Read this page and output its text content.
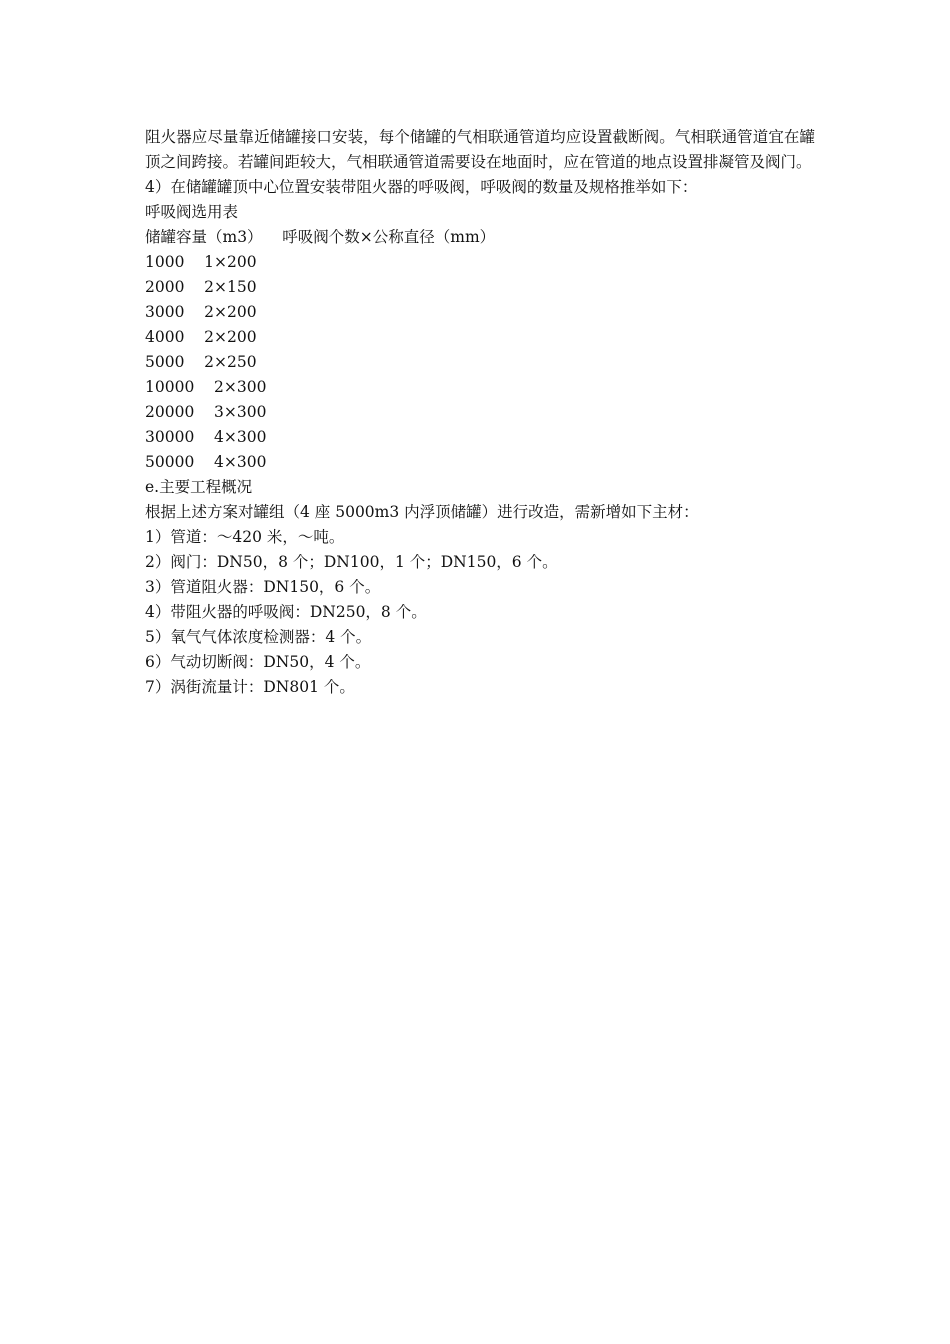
阻火器应尽量靠近储罐接口安装，每个储罐的气相联通管道均应设置截断阀。气相联通管道宜在罐顶之间跨接。若罐间距较大，气相联通管道需要设在地面时，应在管道的地点设置排凝管及阀门。

4）在储罐罐顶中心位置安装带阻火器的呼吸阀，呼吸阀的数量及规格推举如下：

呼吸阀选用表

储罐容量（m3）    呼吸阀个数×公称直径（mm）

1000    1×200

2000    2×150

3000    2×200

4000    2×200

5000    2×250

10000    2×300

20000    3×300

30000    4×300

50000    4×300

e.主要工程概况

根据上述方案对罐组（4 座 5000m3 内浮顶储罐）进行改造，需新增如下主材：

1）管道：～420 米，～吨。

2）阀门：DN50，8 个；DN100，1 个；DN150，6 个。

3）管道阻火器：DN150，6 个。

4）带阻火器的呼吸阀：DN250，8 个。

5）氧气气体浓度检测器：4 个。

6）气动切断阀：DN50，4 个。

7）涡街流量计：DN801 个。
